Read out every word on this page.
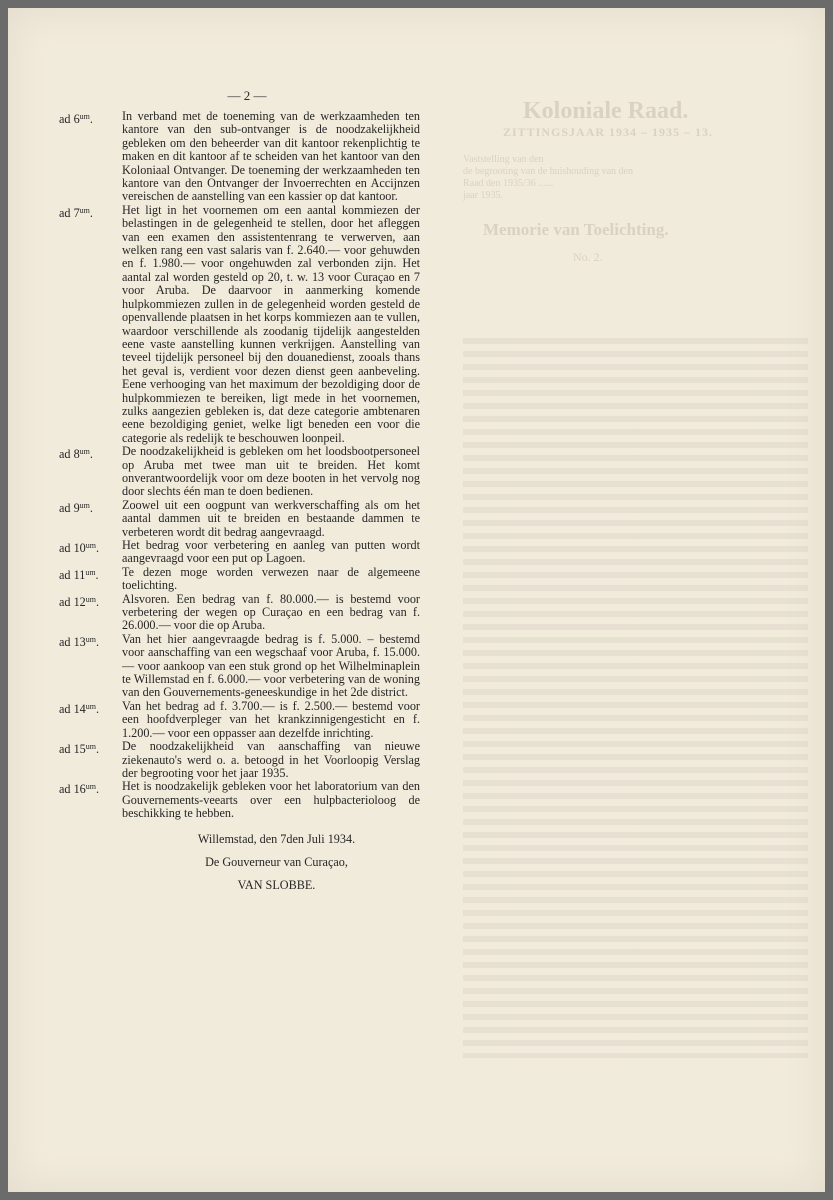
Koloniale Raad.
ZITTINGSJAAR 1934 – 1935 – 13.
Vaststelling van den
de begrooting van de huishouding van den
Raad den 1935/36 ......
jaar 1935.
Memorie van Toelichting.
No. 2.
— 2 —
ad $6^{um}$.	In verband met de toeneming van de werkzaamheden ten kantore van den sub-ontvanger is de noodzakelijkheid gebleken om den beheerder van dit kantoor rekenplichtig te maken en dit kantoor af te scheiden van het kantoor van den Koloniaal Ontvanger. De toeneming der werkzaamheden ten kantore van den Ontvanger der Invoerrechten en Accijnzen vereischen de aanstelling van een kassier op dat kantoor.
ad $7^{um}$.	Het ligt in het voornemen om een aantal kommiezen der belastingen in de gelegenheid te stellen, door het afleggen van een examen den assistentenrang te verwerven, aan welken rang een vast salaris van f. 2.640.— voor gehuwden en f. 1.980.— voor ongehuwden zal verbonden zijn. Het aantal zal worden gesteld op 20, t. w. 13 voor Curaçao en 7 voor Aruba. De daarvoor in aanmerking komende hulpkommiezen zullen in de gelegenheid worden gesteld de openvallende plaatsen in het korps kommiezen aan te vullen, waardoor verschillende als zoodanig tijdelijk aangestelden eene vaste aanstelling kunnen verkrijgen. Aanstelling van teveel tijdelijk personeel bij den douanedienst, zooals thans het geval is, verdient voor dezen dienst geen aanbeveling. Eene verhooging van het maximum der bezoldiging door de hulpkommiezen te bereiken, ligt mede in het voornemen, zulks aangezien gebleken is, dat deze categorie ambtenaren eene bezoldiging geniet, welke ligt beneden een voor die categorie als redelijk te beschouwen loonpeil.
ad $8^{um}$.	De noodzakelijkheid is gebleken om het loodsbootpersoneel op Aruba met twee man uit te breiden. Het komt onverantwoordelijk voor om deze booten in het vervolg nog door slechts één man te doen bedienen.
ad $9^{um}$.	Zoowel uit een oogpunt van werkverschaffing als om het aantal dammen uit te breiden en bestaande dammen te verbeteren wordt dit bedrag aangevraagd.
ad $10^{um}$.	Het bedrag voor verbetering en aanleg van putten wordt aangevraagd voor een put op Lagoen.
ad $11^{um}$.	Te dezen moge worden verwezen naar de algemeene toelichting.
ad $12^{um}$.	Alsvoren. Een bedrag van f. 80.000.— is bestemd voor verbetering der wegen op Curaçao en een bedrag van f. 26.000.— voor die op Aruba.
ad $13^{um}$.	Van het hier aangevraagde bedrag is f. 5.000. – bestemd voor aanschaffing van een wegschaaf voor Aruba, f. 15.000.— voor aankoop van een stuk grond op het Wilhelminaplein te Willemstad en f. 6.000.— voor verbetering van de woning van den Gouvernements-geneeskundige in het 2de district.
ad $14^{um}$.	Van het bedrag ad f. 3.700.— is f. 2.500.— bestemd voor een hoofdverpleger van het krankzinnigengesticht en f. 1.200.— voor een oppasser aan dezelfde inrichting.
ad $15^{um}$.	De noodzakelijkheid van aanschaffing van nieuwe ziekenauto's werd o. a. betoogd in het Voorloopig Verslag der begrooting voor het jaar 1935.
ad $16^{um}$.	Het is noodzakelijk gebleken voor het laboratorium van den Gouvernements-veearts over een hulpbacterioloog de beschikking te hebben.
Willemstad, den 7den Juli 1934.
De Gouverneur van Curaçao,
VAN SLOBBE.
